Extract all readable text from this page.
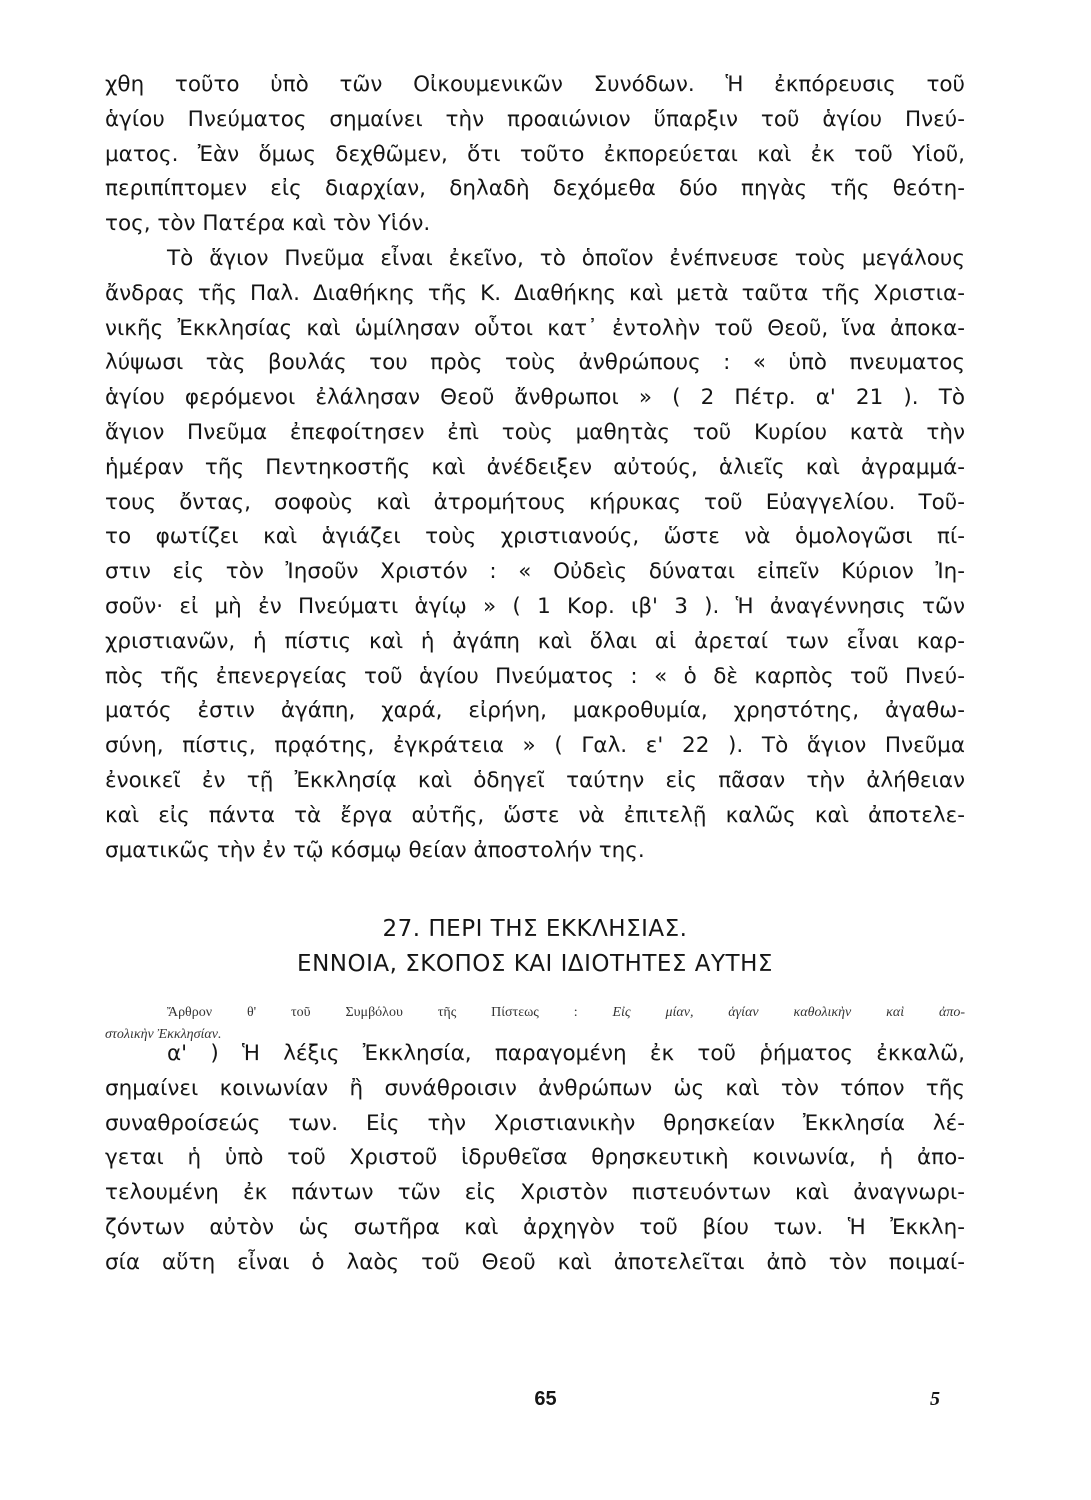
χθη τοῦτο ὑπὸ τῶν Οἰκουμενικῶν Συνόδων. Ἡ ἐκπόρευσις τοῦ
ἁγίου Πνεύματος σημαίνει τὴν προαιώνιον ὕπαρξιν τοῦ ἁγίου Πνεύ-
ματος. Ἐὰν ὅμως δεχθῶμεν, ὅτι τοῦτο ἐκπορεύεται καὶ ἐκ τοῦ Υἱοῦ,
περιπίπτομεν εἰς διαρχίαν, δηλαδὴ δεχόμεθα δύο πηγὰς τῆς θεότη-
τος, τὸν Πατέρα καὶ τὸν Υἱόν.
Τὸ ἅγιον Πνεῦμα εἶναι ἐκεῖνο, τὸ ὁποῖον ἐνέπνευσε τοὺς μεγάλους
ἄνδρας τῆς Παλ. Διαθήκης τῆς Κ. Διαθήκης καὶ μετὰ ταῦτα τῆς Χριστια-
νικῆς Ἐκκλησίας καὶ ὡμίλησαν οὗτοι κατ᾽ ἐντολὴν τοῦ Θεοῦ, ἵνα ἀποκα-
λύψωσι τὰς βουλάς του πρὸς τοὺς ἀνθρώπους : « ὑπὸ πνευματος
ἁγίου φερόμενοι ἐλάλησαν Θεοῦ ἄνθρωποι » ( 2 Πέτρ. α' 21 ). Τὸ
ἅγιον Πνεῦμα ἐπεφοίτησεν ἐπὶ τοὺς μαθητὰς τοῦ Κυρίου κατὰ τὴν
ἡμέραν τῆς Πεντηκοστῆς καὶ ἀνέδειξεν αὐτούς, ἁλιεῖς καὶ ἀγραμμά-
τους ὄντας, σοφοὺς καὶ ἀτρομήτους κήρυκας τοῦ Εὐαγγελίου. Τοῦ-
το φωτίζει καὶ ἁγιάζει τοὺς χριστιανούς, ὥστε νὰ ὁμολογῶσι πί-
στιν εἰς τὸν Ἰησοῦν Χριστόν : « Οὐδεὶς δύναται εἰπεῖν Κύριον Ἰη-
σοῦν· εἰ μὴ ἐν Πνεύματι ἁγίῳ » ( 1 Κορ. ιβ' 3 ). Ἡ ἀναγέννησις τῶν
χριστιανῶν, ἡ πίστις καὶ ἡ ἀγάπη καὶ ὅλαι αἱ ἀρεταί των εἶναι καρ-
πὸς τῆς ἐπενεργείας τοῦ ἁγίου Πνεύματος : « ὁ δὲ καρπὸς τοῦ Πνεύ-
ματός ἐστιν ἀγάπη, χαρά, εἰρήνη, μακροθυμία, χρηστότης, ἀγαθω-
σύνη, πίστις, πρᾳότης, ἐγκράτεια » ( Γαλ. ε' 22 ). Τὸ ἅγιον Πνεῦμα
ἐνοικεῖ ἐν τῇ Ἐκκλησίᾳ καὶ ὁδηγεῖ ταύτην εἰς πᾶσαν τὴν ἀλήθειαν
καὶ εἰς πάντα τὰ ἔργα αὐτῆς, ὥστε νὰ ἐπιτελῇ καλῶς καὶ ἀποτελε-
σματικῶς τὴν ἐν τῷ κόσμῳ θείαν ἀποστολήν της.
27. ΠΕΡΙ ΤΗΣ ΕΚΚΛΗΣΙΑΣ.
ΕΝΝΟΙΑ, ΣΚΟΠΟΣ ΚΑΙ ΙΔΙΟΤΗΤΕΣ ΑΥΤΗΣ
Ἄρθρον θ' τοῦ Συμβόλου τῆς Πίστεως : Εἰς μίαν, ἁγίαν καθολικὴν καὶ ἀπο-
στολικὴν Ἐκκλησίαν.
α' ) Ἡ λέξις Ἐκκλησία, παραγομένη ἐκ τοῦ ῥήματος ἐκκαλῶ,
σημαίνει κοινωνίαν ἢ συνάθροισιν ἀνθρώπων ὡς καὶ τὸν τόπον τῆς
συναθροίσεώς των. Εἰς τὴν Χριστιανικὴν θρησκείαν Ἐκκλησία λέ-
γεται ἡ ὑπὸ τοῦ Χριστοῦ ἱδρυθεῖσα θρησκευτικὴ κοινωνία, ἡ ἀπο-
τελουμένη ἐκ πάντων τῶν εἰς Χριστὸν πιστευόντων καὶ ἀναγνωρι-
ζόντων αὐτὸν ὡς σωτῆρα καὶ ἀρχηγὸν τοῦ βίου των. Ἡ Ἐκκλη-
σία αὕτη εἶναι ὁ λαὸς τοῦ Θεοῦ καὶ ἀποτελεῖται ἀπὸ τὸν ποιμαί-
65	5
